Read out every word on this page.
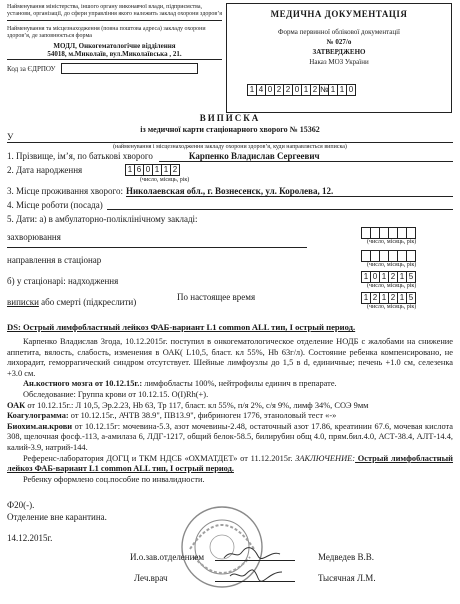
Найменування міністерства, іншого органу виконавчої влади, підприємства, установи, організації, до сфери управління якого належить заклад охорони здоров’я
Найменування та місцезнаходження (повна поштова адреса) закладу охорони здоров’я, де заповнюється форма
МОДЛ, Онкогематологічне відділення
54018, м.Миколаїв, вул.Миколаївська , 21.
Код за ЄДРПОУ
МЕДИЧНА ДОКУМЕНТАЦІЯ
Форма первинної облікової документації
№ 027/о
ЗАТВЕРДЖЕНО
Наказ МОЗ України
1 4 0 2 2 0 1 2 № 1 1 0
ВИПИСКА
із медичної карти стаціонарного хворого № 15362
У
(найменування і місцезнаходження закладу охорони здоров’я, куди направляється виписка)
1. Прізвище, ім’я, по батькові хворого	Карпенко Владислав Сергеевич
2. Дата народження	1 6 0 1 1 2
(число, місяць, рік)
3. Місце проживання хворого: Николаевская обл., г. Вознесенск, ул. Королева, 12.
4. Місце роботи (посада)
5. Дати: а) в амбулаторно-поліклінічному закладі:
захворювання	(число, місяць, рік)
направлення в стаціонар	(число, місяць, рік)
б) у стаціонарі: надходження	1 0 1 2 1 5
(число, місяць, рік)
виписки або смерті (підкреслити)	По настоящее время	1 2 1 2 1 5
(число, місяць, рік)
DS: Острый лимфобластный лейкоз ФАБ-вариант L1 common ALL тип, I острый период.

Карпенко Владислав 3года, 10.12.2015г. поступил в онкогематологическое отделение НОДБ с жалобами на снижение аппетита, вялость, слабость, изменения в ОАК( L10,5, бласт. кл 55%, Нb 63г/л). Состояние ребенка компенсировано, не лихорадит, геморрагический синдром отсутствует. Шейные лимфоузлы до 1,5 в d, единичные; печень +1.0 см, селезенка +3.0 см.

Ан.костного мозга от 10.12.15г.: лимфобласты 100%, нейтрофилы единич в препарате.

Обследование: Группа крови от 10.12.15. О(I)Rh(+).

ОАК от 10.12.15г.: Л 10,5, Эр.2.23, Нb 63, Тр 117, бласт. кл 55%, п/я 2%, с/я 9%, лимф 34%, СОЭ 9мм

Коагулограмма: от 10.12.15г., АЧТВ 38.9", ПВ13.9", фибриноген 1776, этаноловый тест «-»

Биохим.ан.крови от 10.12.15г: мочевина-5.3, азот мочевины-2.48, остаточный азот 17.86, креатинин 67.6, мочевая кислота 308, щелочная фосф.-113, а-амилаза 6, ЛДГ-1217, общий белок-58.5, билирубин общ 4.0, прям.бил.4.0, АСТ-38.4, АЛТ-14.4, калий-3.9, натрий-144.

Референс-лаборатория ДОГЦ и ТКМ НДСБ «ОХМАТДЕТ» от 11.12.2015г. ЗАКЛЮЧЕНИЕ: Острый лимфобластный лейкоз ФАБ-вариант L1 common ALL тип, I острый период.

Ребенку оформлено соц.пособие по инвалидности.

Ф20(-).
Отделение вне карантина.
14.12.2015г.
И.о.зав.отделением	Медведев В.В.
Леч.врач	Тысячная Л.М.
